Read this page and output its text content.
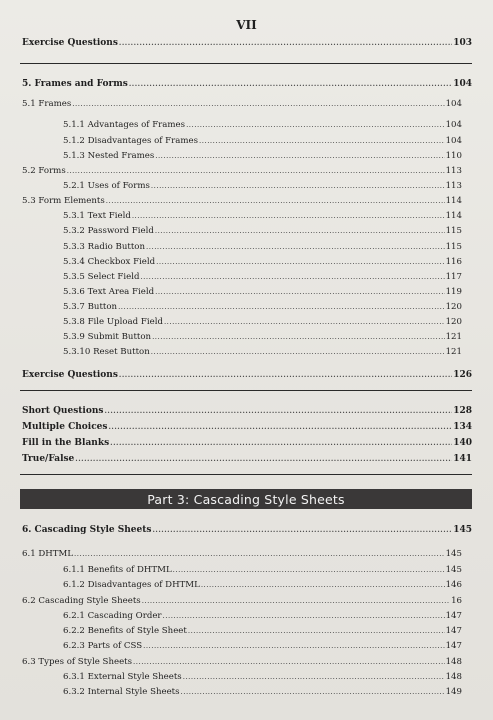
VII
Part 3: Cascading Style Sheets
Exercise Questions .....	103
5. Frames and Forms .....	104
5.1 Frames .....	104
5.1.1 Advantages of Frames .....	104
5.1.2 Disadvantages of Frames .....	104
5.1.3 Nested Frames .....	110
5.2 Forms .....	113
5.2.1 Uses of Forms .....	113
5.3 Form Elements .....	114
5.3.1 Text Field .....	114
5.3.2 Password Field .....	115
5.3.3 Radio Button .....	115
5.3.4 Checkbox Field .....	116
5.3.5 Select Field .....	117
5.3.6 Text Area Field .....	119
5.3.7 Button .....	120
5.3.8 File Upload Field .....	120
5.3.9 Submit Button .....	121
5.3.10 Reset Button .....	121
Exercise Questions .....	126
Short Questions .....	128
Multiple Choices .....	134
Fill in the Blanks .....	140
True/False .....	141
6. Cascading Style Sheets .....	145
6.1 DHTML .....	145
6.1.1 Benefits of DHTML .....	145
6.1.2 Disadvantages of DHTML .....	146
6.2 Cascading Style Sheets .....	16
6.2.1 Cascading Order .....	147
6.2.2 Benefits of Style Sheet .....	147
6.2.3 Parts of CSS .....	147
6.3 Types of Style Sheets .....	148
6.3.1 External Style Sheets .....	148
6.3.2 Internal Style Sheets .....	149
